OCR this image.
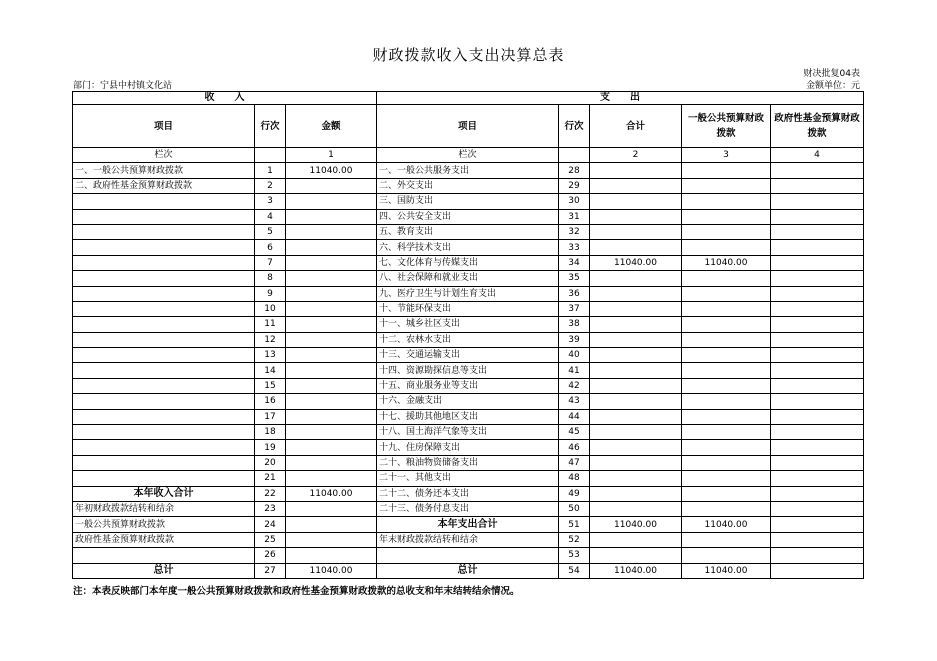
财政拨款收入支出决算总表
财决批复04表
部门：宁县中村镇文化站	金额单位：元
收　　入			支　　出				
项目	行次	金额	项目	行次	合计	一般公共预算财政拨款	政府性基金预算财政拨款
栏次		1	栏次		2	3	4
一、一般公共预算财政拨款	1	11040.00	一、一般公共服务支出	28			
二、政府性基金预算财政拨款	2		二、外交支出	29			
	3		三、国防支出	30			
	4		四、公共安全支出	31			
	5		五、教育支出	32			
	6		六、科学技术支出	33			
	7		七、文化体育与传媒支出	34	11040.00	11040.00	
	8		八、社会保障和就业支出	35			
	9		九、医疗卫生与计划生育支出	36			
	10		十、节能环保支出	37			
	11		十一、城乡社区支出	38			
	12		十二、农林水支出	39			
	13		十三、交通运输支出	40			
	14		十四、资源勘探信息等支出	41			
	15		十五、商业服务业等支出	42			
	16		十六、金融支出	43			
	17		十七、援助其他地区支出	44			
	18		十八、国土海洋气象等支出	45			
	19		十九、住房保障支出	46			
	20		二十、粮油物资储备支出	47			
	21		二十一、其他支出	48			
本年收入合计	22	11040.00	二十二、债务还本支出	49			
年初财政拨款结转和结余	23		二十三、债务付息支出	50			
一般公共预算财政拨款	24		本年支出合计	51	11040.00	11040.00	
政府性基金预算财政拨款	25		年末财政拨款结转和结余	52			
	26			53			
总计	27	11040.00	总计	54	11040.00	11040.00	
注：本表反映部门本年度一般公共预算财政拨款和政府性基金预算财政拨款的总收支和年末结转结余情况。
